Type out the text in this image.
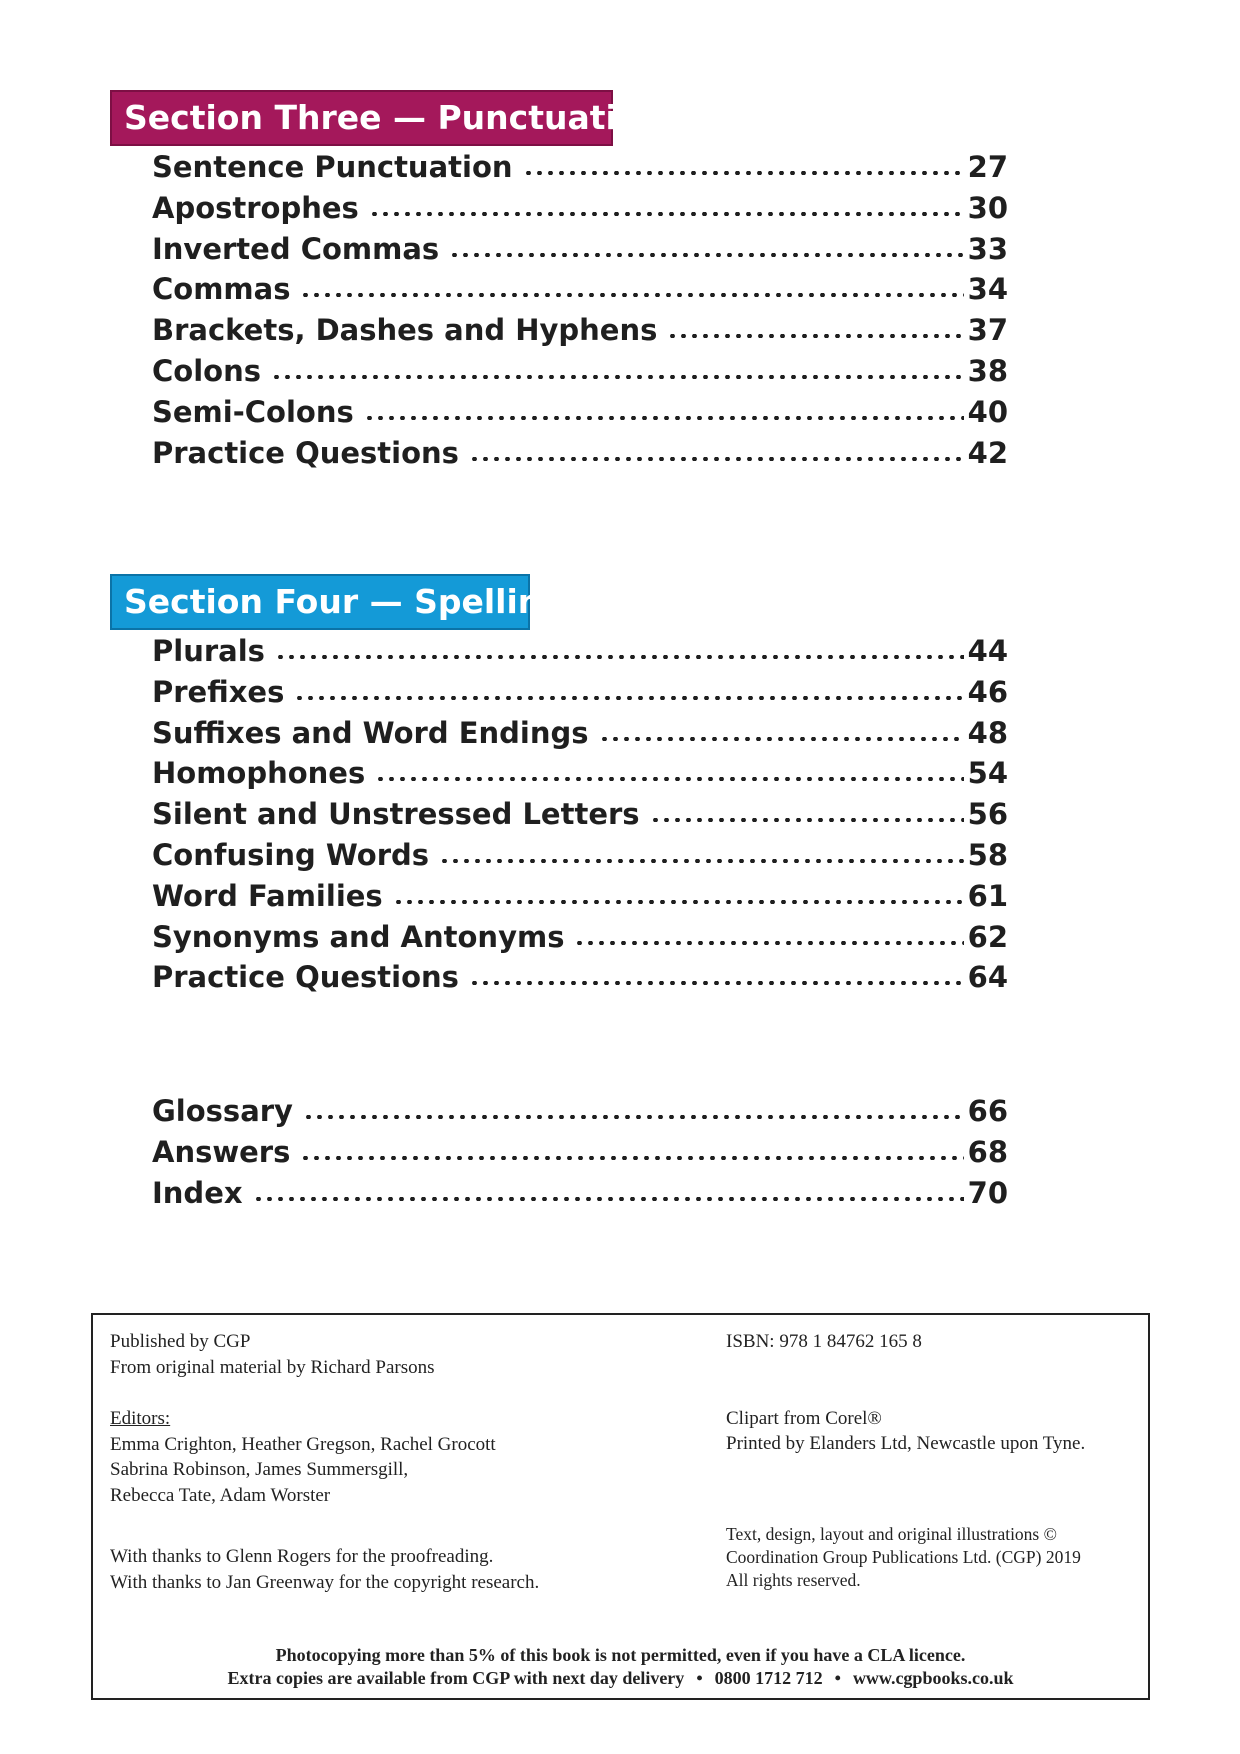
Section Three — Punctuation
Sentence Punctuation	27
Apostrophes	30
Inverted Commas	33
Commas	34
Brackets, Dashes and Hyphens	37
Colons	38
Semi-Colons	40
Practice Questions	42
Section Four — Spelling
Plurals	44
Prefixes	46
Suffixes and Word Endings	48
Homophones	54
Silent and Unstressed Letters	56
Confusing Words	58
Word Families	61
Synonyms and Antonyms	62
Practice Questions	64
Glossary	66
Answers	68
Index	70
Published by CGP
From original material by Richard Parsons
Editors:
Emma Crighton, Heather Gregson, Rachel Grocott
Sabrina Robinson, James Summersgill,
Rebecca Tate, Adam Worster
With thanks to Glenn Rogers for the proofreading.
With thanks to Jan Greenway for the copyright research.
ISBN: 978 1 84762 165 8
Clipart from Corel®
Printed by Elanders Ltd, Newcastle upon Tyne.
Text, design, layout and original illustrations ©
Coordination Group Publications Ltd. (CGP) 2019
All rights reserved.
Photocopying more than 5% of this book is not permitted, even if you have a CLA licence.
Extra copies are available from CGP with next day delivery • 0800 1712 712 • www.cgpbooks.co.uk
